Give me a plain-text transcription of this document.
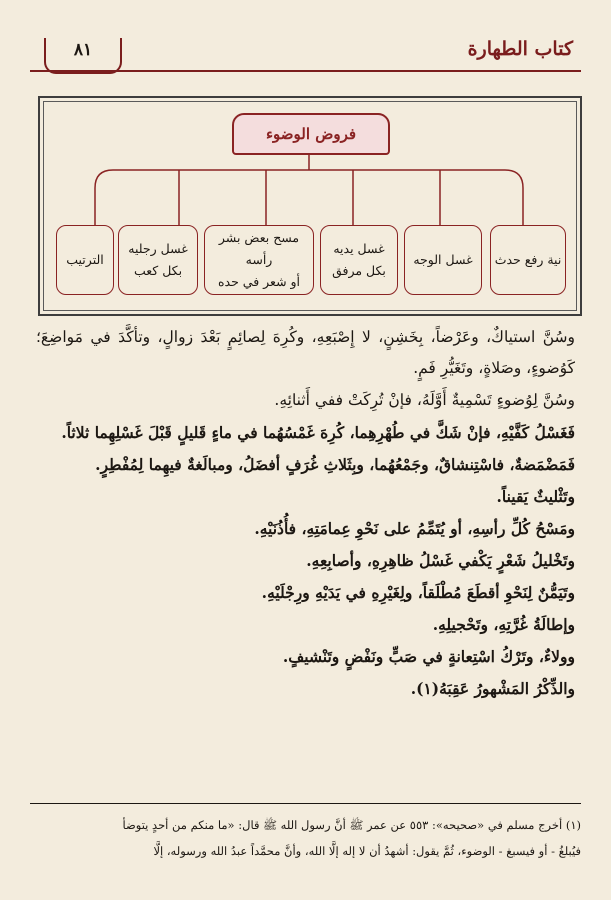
كتاب الطهارة
٨١
فروض الوضوء
نية رفع حدث
غسل الوجه
غسل يديه
بكل مرفق
مسح بعض بشر رأسه
أو شعر في حده
غسل رجليه
بكل كعب
الترتيب

وسُنَّ استياكٌ، وعَرْضاً، بِخَشِنٍ، لا إِصْبَعِهِ، وكُرِهَ لِصائِمٍ بَعْدَ زوالٍ، وتأكَّدَ في مَواضِعَ؛ كَوُضوءٍ، وصَلاةٍ، وتَغَيُّرِ فَمٍ.

وسُنَّ لِوُضوءٍ تَسْمِيةٌ أَوَّلَهُ، فإنْ تُرِكَتْ ففي أَثنائِهِ.

فَغَسْلُ كَفَّيْهِ، فإنْ شَكَّ في طُهْرِهِما، كُرِهَ غَمْسُهُما في ماءٍ قَليلٍ قَبْلَ غَسْلِهِما ثلاثاً.

فَمَضْمَضةٌ، فاسْتِنشاقٌ، وجَمْعُهُما، وبِثَلاثِ غُرَفٍ أفضَلُ، ومبالَغةٌ فيهِما لِمُفْطِرٍ.

وتَثْليثٌ يَقيناً.

ومَسْحُ كُلِّ رأسِهِ، أو يُتَمِّمُ على نَحْوِ عِمامَتِهِ، فأُذُنَيْهِ.

وتَخْليلُ شَعْرٍ يَكْفي غَسْلُ ظاهِرِهِ، وأصابِعِهِ.

وتَيَمُّنٌ لِنَحْوِ أقطَعَ مُطْلَقاً، ولِغَيْرِهِ في يَدَيْهِ ورِجْلَيْهِ.

وإطالَةُ غُرَّتِهِ، وتَحْجيلِهِ.

وولاءٌ، وتَرْكُ اسْتِعانةٍ في صَبٍّ ونَفْضٍ وتَنْشيفٍ.

والذِّكْرُ المَشْهورُ عَقِبَهُ(١).

(١) أخرج مسلم في «صحيحه»: ٥٥٣ عن عمر ﷺ أنَّ رسول الله ﷺ قال: «ما منكم من أحدٍ يتوضأ

فيُبلغُ - أو فيسبغ - الوضوء، ثُمَّ يقول: أشهدُ أن لا إله إلَّا الله، وأنَّ محمَّداً عبدُ الله ورسوله، إلَّا
